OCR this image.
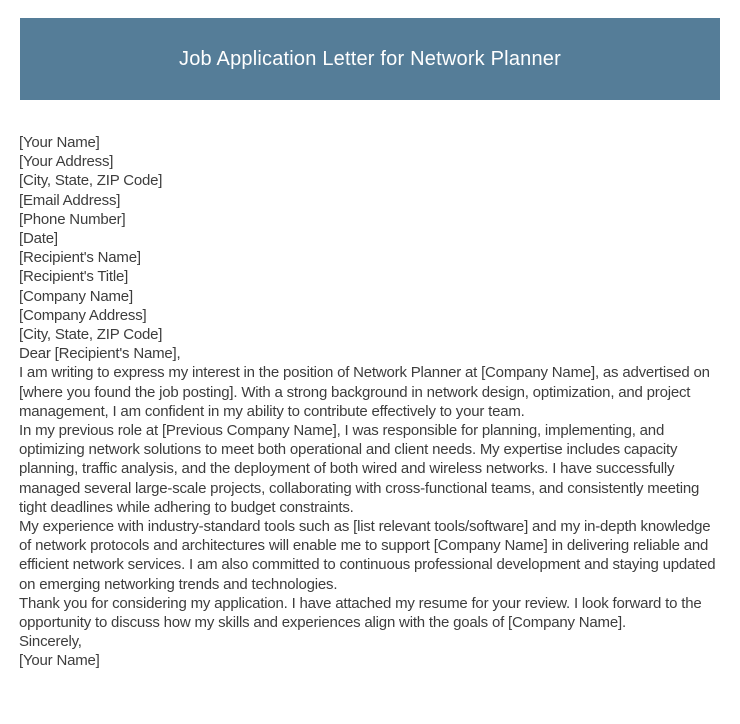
Job Application Letter for Network Planner
[Your Name]
[Your Address]
[City, State, ZIP Code]
[Email Address]
[Phone Number]
[Date]
[Recipient's Name]
[Recipient's Title]
[Company Name]
[Company Address]
[City, State, ZIP Code]
Dear [Recipient's Name],

I am writing to express my interest in the position of Network Planner at [Company Name], as advertised on [where you found the job posting]. With a strong background in network design, optimization, and project management, I am confident in my ability to contribute effectively to your team.

In my previous role at [Previous Company Name], I was responsible for planning, implementing, and optimizing network solutions to meet both operational and client needs. My expertise includes capacity planning, traffic analysis, and the deployment of both wired and wireless networks. I have successfully managed several large-scale projects, collaborating with cross-functional teams, and consistently meeting tight deadlines while adhering to budget constraints.

My experience with industry-standard tools such as [list relevant tools/software] and my in-depth knowledge of network protocols and architectures will enable me to support [Company Name] in delivering reliable and efficient network services. I am also committed to continuous professional development and staying updated on emerging networking trends and technologies.

Thank you for considering my application. I have attached my resume for your review. I look forward to the opportunity to discuss how my skills and experiences align with the goals of [Company Name].

Sincerely,
[Your Name]
